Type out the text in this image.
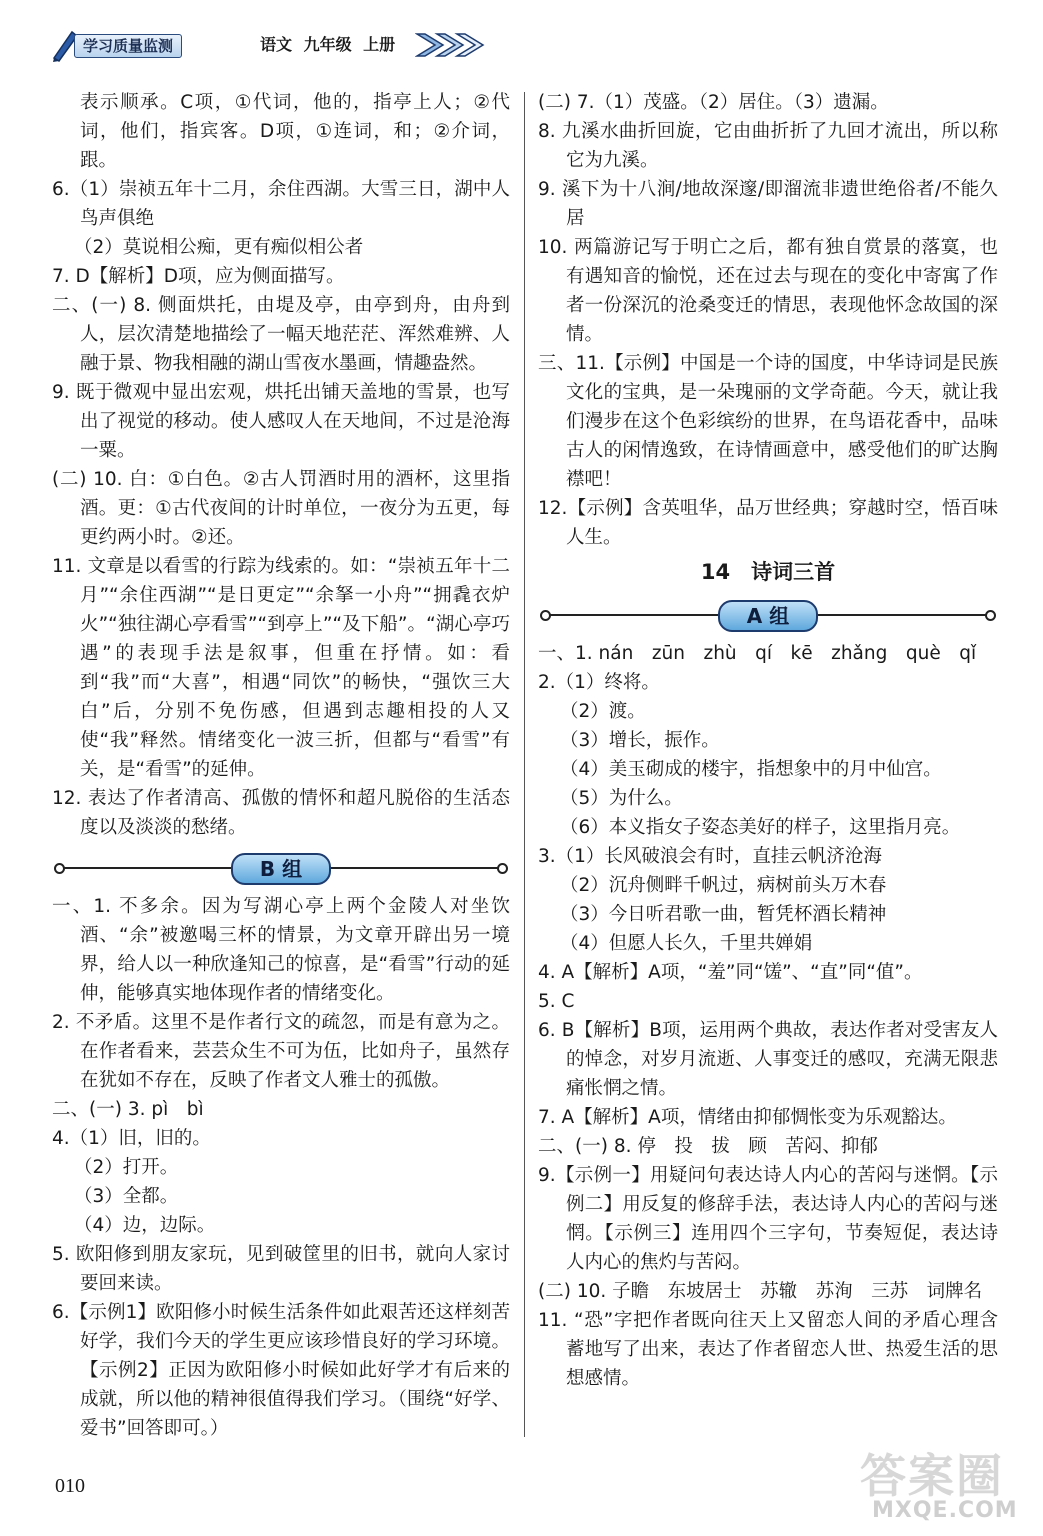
学习质量监测	语文 九年级 上册

表示顺承。C项，①代词，他的，指亭上人；②代词，他们，指宾客。D项，①连词，和；②介词，跟。

6.（1）崇祯五年十二月，余住西湖。大雪三日，湖中人鸟声俱绝

（2）莫说相公痴，更有痴似相公者

7. D【解析】D项，应为侧面描写。

二、(一) 8. 侧面烘托，由堤及亭，由亭到舟，由舟到人，层次清楚地描绘了一幅天地茫茫、浑然难辨、人融于景、物我相融的湖山雪夜水墨画，情趣盎然。

9. 既于微观中显出宏观，烘托出铺天盖地的雪景，也写出了视觉的移动。使人感叹人在天地间，不过是沧海一粟。

(二) 10. 白：①白色。②古人罚酒时用的酒杯，这里指酒。更：①古代夜间的计时单位，一夜分为五更，每更约两小时。②还。

11. 文章是以看雪的行踪为线索的。如：“崇祯五年十二月”“余住西湖”“是日更定”“余拏一小舟”“拥毳衣炉火”“独往湖心亭看雪”“到亭上”“及下船”。“湖心亭巧遇”的表现手法是叙事，但重在抒情。如：看到“我”而“大喜”，相遇“同饮”的畅快，“强饮三大白”后，分别不免伤感，但遇到志趣相投的人又使“我”释然。情绪变化一波三折，但都与“看雪”有关，是“看雪”的延伸。

12. 表达了作者清高、孤傲的情怀和超凡脱俗的生活态度以及淡淡的愁绪。

B 组

一、1. 不多余。因为写湖心亭上两个金陵人对坐饮酒、“余”被邀喝三杯的情景，为文章开辟出另一境界，给人以一种欣逢知己的惊喜，是“看雪”行动的延伸，能够真实地体现作者的情绪变化。

2. 不矛盾。这里不是作者行文的疏忽，而是有意为之。在作者看来，芸芸众生不可为伍，比如舟子，虽然存在犹如不存在，反映了作者文人雅士的孤傲。

二、(一) 3. pì　bì

4.（1）旧，旧的。

（2）打开。

（3）全都。

（4）边，边际。

5. 欧阳修到朋友家玩，见到破筐里的旧书，就向人家讨要回来读。

6.【示例1】欧阳修小时候生活条件如此艰苦还这样刻苦好学，我们今天的学生更应该珍惜良好的学习环境。【示例2】正因为欧阳修小时候如此好学才有后来的成就，所以他的精神很值得我们学习。（围绕“好学、爱书”回答即可。）

(二) 7.（1）茂盛。（2）居住。（3）遗漏。

8. 九溪水曲折回旋，它由曲折折了九回才流出，所以称它为九溪。

9. 溪下为十八涧/地故深邃/即溜流非遗世绝俗者/不能久居

10. 两篇游记写于明亡之后，都有独自赏景的落寞，也有遇知音的愉悦，还在过去与现在的变化中寄寓了作者一份深沉的沧桑变迁的情思，表现他怀念故国的深情。

三、11.【示例】中国是一个诗的国度，中华诗词是民族文化的宝典，是一朵瑰丽的文学奇葩。今天，就让我们漫步在这个色彩缤纷的世界，在鸟语花香中，品味古人的闲情逸致，在诗情画意中，感受他们的旷达胸襟吧！

12.【示例】含英咀华，品万世经典；穿越时空，悟百味人生。

14　诗词三首
A 组

一、1. nán　zūn　zhù　qí　kē　zhǎng　què　qǐ

2.（1）终将。

（2）渡。

（3）增长，振作。

（4）美玉砌成的楼宇，指想象中的月中仙宫。

（5）为什么。

（6）本义指女子姿态美好的样子，这里指月亮。

3.（1）长风破浪会有时，直挂云帆济沧海

（2）沉舟侧畔千帆过，病树前头万木春

（3）今日听君歌一曲，暂凭杯酒长精神

（4）但愿人长久，千里共婵娟

4. A【解析】A项，“羞”同“馐”、“直”同“值”。

5. C

6. B【解析】B项，运用两个典故，表达作者对受害友人的悼念，对岁月流逝、人事变迁的感叹，充满无限悲痛怅惘之情。

7. A【解析】A项，情绪由抑郁惆怅变为乐观豁达。

二、(一) 8. 停　投　拔　顾　苦闷、抑郁

9.【示例一】用疑问句表达诗人内心的苦闷与迷惘。【示例二】用反复的修辞手法，表达诗人内心的苦闷与迷惘。【示例三】连用四个三字句，节奏短促，表达诗人内心的焦灼与苦闷。

(二) 10. 子瞻　东坡居士　苏辙　苏洵　三苏　词牌名

11. “恐”字把作者既向往天上又留恋人间的矛盾心理含蓄地写了出来，表达了作者留恋人世、热爱生活的思想感情。

010	答案圈
MXQE.COM
